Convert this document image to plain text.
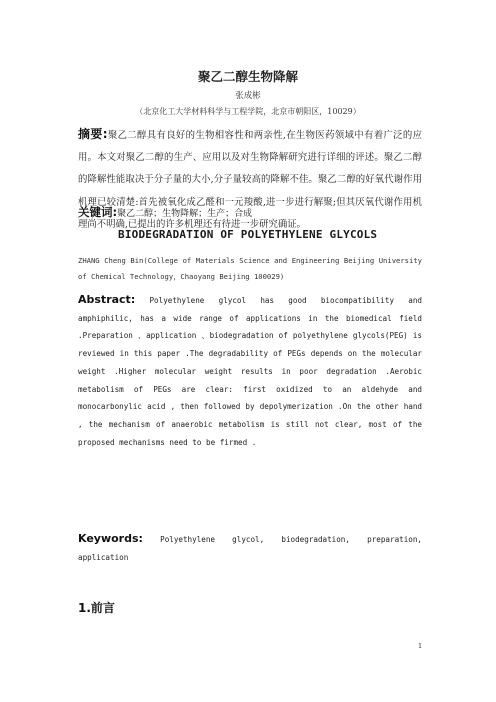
聚乙二醇生物降解
张成彬
（北京化工大学材料科学与工程学院，北京市朝阳区，10029）
摘要:聚乙二醇具有良好的生物相容性和两亲性,在生物医药领域中有着广泛的应用。本文对聚乙二醇的生产、应用以及对生物降解研究进行详细的评述。聚乙二醇的降解性能取决于分子量的大小,分子量较高的降解不佳。聚乙二醇的好氧代谢作用机理已较清楚:首先被氧化成乙醛和一元羧酸,进一步进行解聚;但其厌氧代谢作用机理尚不明确,已提出的许多机理还有待进一步研究确证。
关键词:聚乙二醇；生物降解；生产；合成
BIODEGRADATION OF POLYETHYLENE GLYCOLS
ZHANG Cheng Bin(College of Materials Science and Engineering Beijing University of Chemical Technology，Chaoyang Beijing 100029)
Abstract: Polyethylene glycol has good biocompatibility and amphiphilic, has a wide range of applications in the biomedical field .Preparation 、application 、biodegradation of polyethylene glycols(PEG) is reviewed in this paper .The degradability of PEGs depends on the molecular weight .Higher molecular weight results in poor degradation .Aerobic metabolism of PEGs are clear: first oxidized to an aldehyde and monocarbonylic acid , then followed by depolymerization .On the other hand , the mechanism of anaerobic metabolism is still not clear, most of the proposed mechanisms need to be firmed .
Keywords: Polyethylene glycol, biodegradation, preparation, application
1.前言
1
